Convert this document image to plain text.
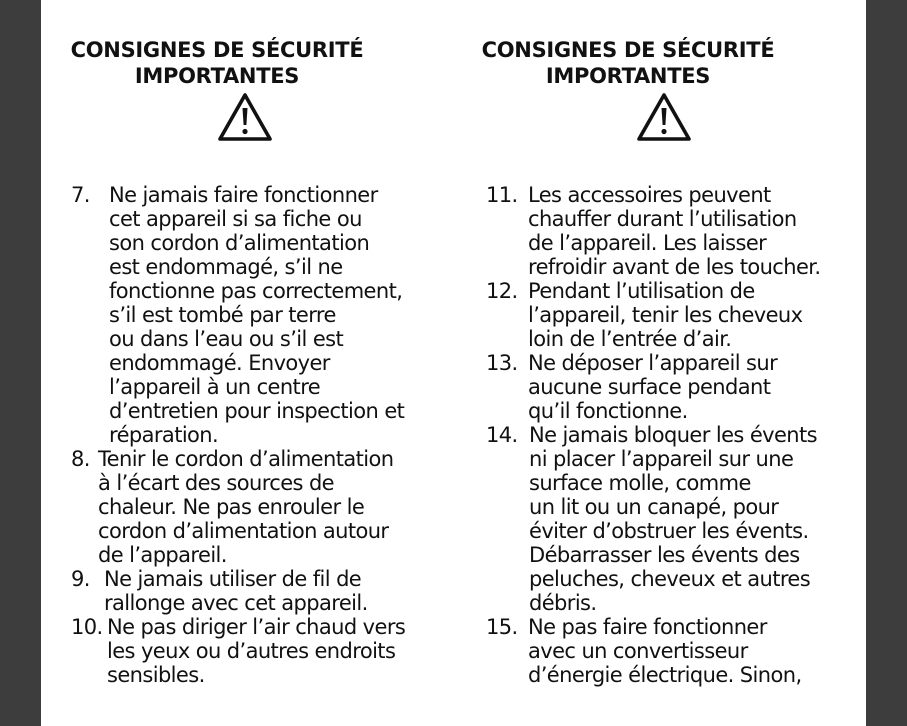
CONSIGNES DE SÉCURITÉ
IMPORTANTES
7. Ne jamais faire fonctionner
cet appareil si sa fiche ou
son cordon d’alimentation
est endommagé, s’il ne
fonctionne pas correctement,
s’il est tombé par terre
ou dans l’eau ou s’il est
endommagé. Envoyer
l’appareil à un centre
d’entretien pour inspection et
réparation.
8. Tenir le cordon d’alimentation
à l’écart des sources de
chaleur. Ne pas enrouler le
cordon d’alimentation autour
de l’appareil.
9. Ne jamais utiliser de fil de
rallonge avec cet appareil.
10. Ne pas diriger l’air chaud vers
les yeux ou d’autres endroits
sensibles.
CONSIGNES DE SÉCURITÉ
IMPORTANTES
11. Les accessoires peuvent
chauffer durant l’utilisation
de l’appareil. Les laisser
refroidir avant de les toucher.
12. Pendant l’utilisation de
l’appareil, tenir les cheveux
loin de l’entrée d’air.
13. Ne déposer l’appareil sur
aucune surface pendant
qu’il fonctionne.
14. Ne jamais bloquer les évents
ni placer l’appareil sur une
surface molle, comme
un lit ou un canapé, pour
éviter d’obstruer les évents.
Débarrasser les évents des
peluches, cheveux et autres
débris.
15. Ne pas faire fonctionner
avec un convertisseur
d’énergie électrique. Sinon,
